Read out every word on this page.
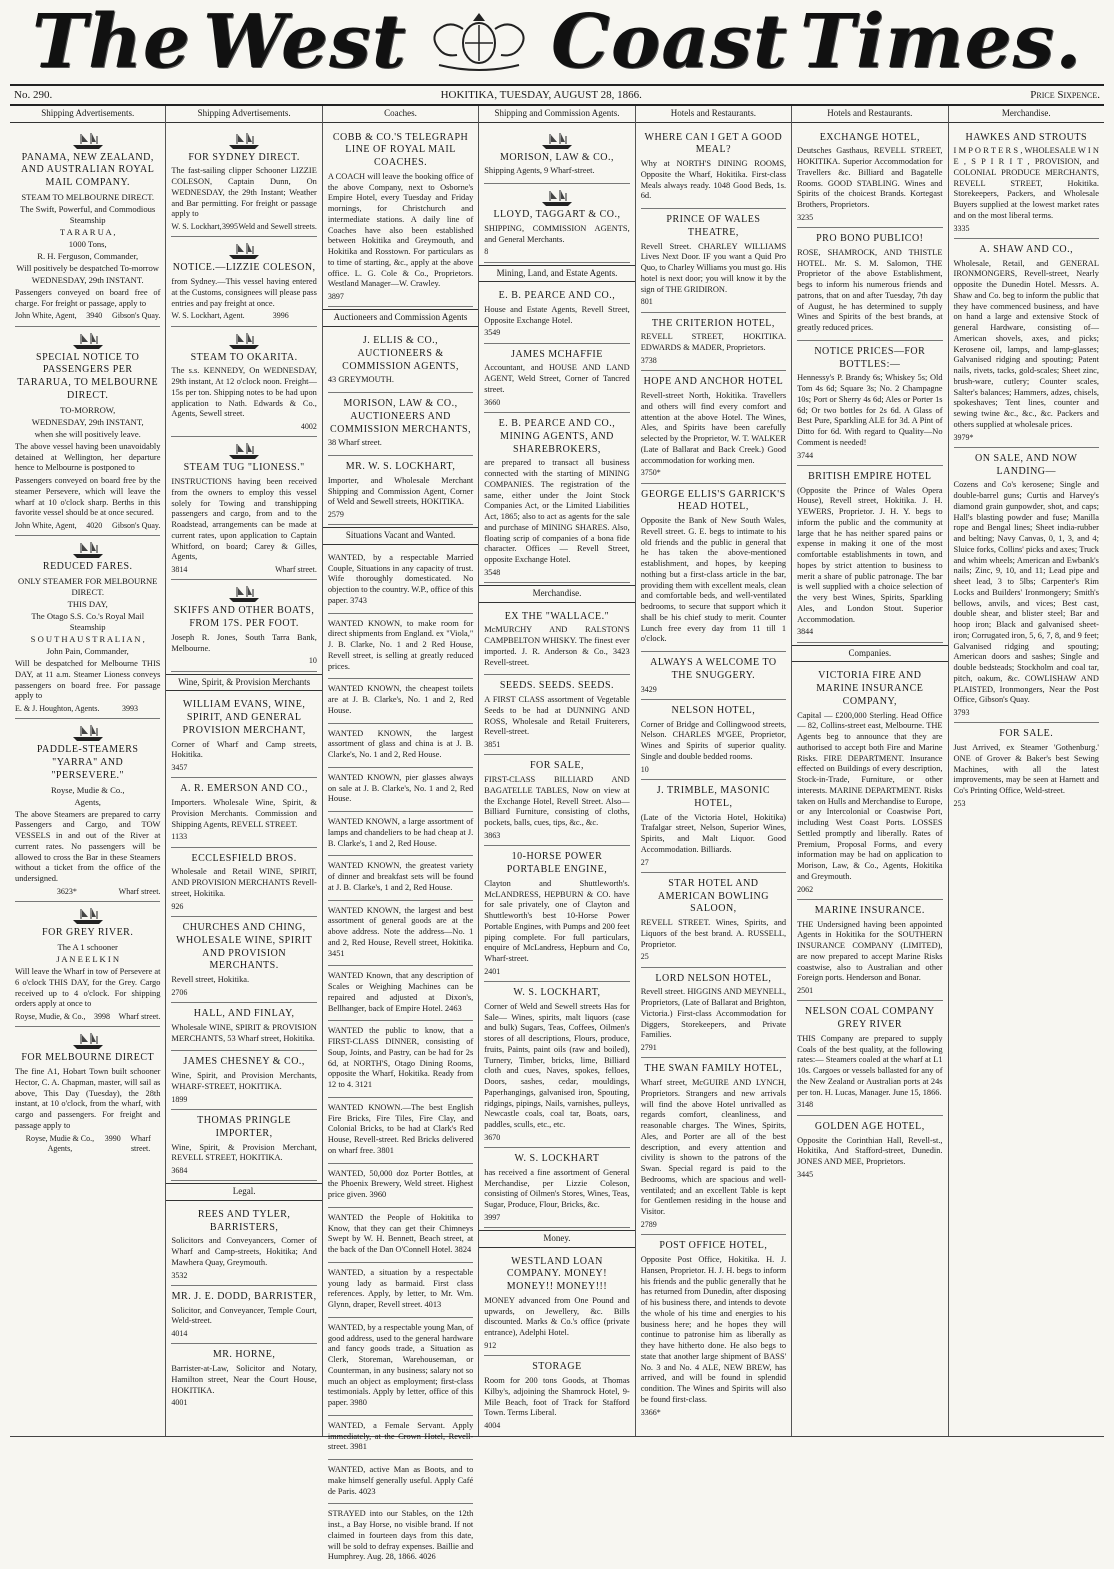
The West Coast Times.
No. 290.	HOKITIKA, TUESDAY, AUGUST 28, 1866.	Price Sixpence.
Shipping Advertisements.
PANAMA, NEW ZEALAND, AND AUSTRALIAN ROYAL MAIL COMPANY.
STEAM TO MELBOURNE DIRECT.
The Swift, Powerful, and Commodious Steamship
T A R A R U A ,
1000 Tons,
R. H. Ferguson, Commander,
Will positively be despatched To-morrow
WEDNESDAY, 29th INSTANT.
Passengers conveyed on board free of charge. For freight or passage, apply to
John White, Agent, 3940 Gibson's Quay.
SPECIAL NOTICE TO PASSENGERS PER TARARUA, TO MELBOURNE DIRECT.
TO-MORROW,
WEDNESDAY, 29th INSTANT,
when she will positively leave.
The above vessel having been unavoidably detained at Wellington, her departure hence to Melbourne is postponed to
Passengers conveyed on board free by the steamer Persevere, which will leave the wharf at 10 o'clock sharp. Berths in this favorite vessel should be at once secured.
John White, Agent, 4020 Gibson's Quay.
REDUCED FARES.
ONLY STEAMER FOR MELBOURNE DIRECT.
THIS DAY,
The Otago S.S. Co.'s Royal Mail Steamship
S O U T H A U S T R A L I A N ,
John Pain, Commander,
Will be despatched for Melbourne THIS DAY, at 11 a.m. Steamer Lioness conveys passengers on board free. For passage apply to
E. & J. Houghton, Agents.	3993
PADDLE-STEAMERS "YARRA" AND "PERSEVERE."
Royse, Mudie & Co.,
Agents,
The above Steamers are prepared to carry Passengers and Cargo, and TOW VESSELS in and out of the River at current rates. No passengers will be allowed to cross the Bar in these Steamers without a ticket from the office of the undersigned.
3623*	Wharf street.
FOR GREY RIVER.
The A 1 schooner
J A N E E L K I N
Will leave the Wharf in tow of Persevere at 6 o'clock THIS DAY, for the Grey. Cargo received up to 4 o'clock. For shipping orders apply at once to
Royse, Mudie, & Co., 3998 Wharf street.
FOR MELBOURNE DIRECT
The fine A1, Hobart Town built schooner Hector, C. A. Chapman, master, will sail as above, This Day (Tuesday), the 28th instant, at 10 o'clock, from the wharf, with cargo and passengers. For freight and passage apply to
Royse, Mudie & Co., Agents,
3990	Wharf street.
Shipping Advertisements.
FOR SYDNEY DIRECT.
The fast-sailing clipper Schooner LIZZIE COLESON, Captain Dunn, On WEDNESDAY, the 29th Instant; Weather and Bar permitting. For freight or passage apply to
W. S. Lockhart, 3995 Weld and Sewell streets.
NOTICE.—LIZZIE COLESON,
from Sydney.—This vessel having entered at the Customs, consignees will please pass entries and pay freight at once.
W. S. Lockhart, Agent.	3996
STEAM TO OKARITA.
The s.s. KENNEDY, On WEDNESDAY, 29th instant, At 12 o'clock noon. Freight—15s per ton. Shipping notes to be had upon application to Nath. Edwards & Co., Agents, Sewell street.
4002
STEAM TUG "LIONESS."
INSTRUCTIONS having been received from the owners to employ this vessel solely for Towing and transhipping passengers and cargo, from and to the Roadstead, arrangements can be made at current rates, upon application to Captain Whitford, on board; Carey & Gilles, Agents,
3814	Wharf street.
SKIFFS AND OTHER BOATS, FROM 17S. PER FOOT.
Joseph R. Jones, South Tarra Bank, Melbourne.
10
Wine, Spirit, & Provision Merchants
WILLIAM EVANS, WINE, SPIRIT, AND GENERAL PROVISION MERCHANT,
Corner of Wharf and Camp streets, Hokitika.
3457
A. R. EMERSON AND CO.,
Importers. Wholesale Wine, Spirit, & Provision Merchants. Commission and Shipping Agents, REVELL STREET.
1133
ECCLESFIELD BROS.
Wholesale and Retail WINE, SPIRIT, AND PROVISION MERCHANTS Revell-street, Hokitika.
926
CHURCHES AND CHING, WHOLESALE WINE, SPIRIT AND PROVISION MERCHANTS.
Revell street, Hokitika.
2706
HALL, AND FINLAY,
Wholesale WINE, SPIRIT & PROVISION MERCHANTS, 53 Wharf street, Hokitika.
JAMES CHESNEY & CO.,
Wine, Spirit, and Provision Merchants, WHARF-STREET, HOKITIKA.
1899
THOMAS PRINGLE IMPORTER,
Wine, Spirit, & Provision Merchant, REVELL STREET, HOKITIKA.
3684
Legal.
REES AND TYLER, BARRISTERS,
Solicitors and Conveyancers, Corner of Wharf and Camp-streets, Hokitika; And Mawhera Quay, Greymouth.
3532
MR. J. E. DODD, BARRISTER,
Solicitor, and Conveyancer, Temple Court, Weld-street.
4014
MR. HORNE,
Barrister-at-Law, Solicitor and Notary, Hamilton street, Near the Court House, HOKITIKA.
4001
Coaches.
COBB & CO.'S TELEGRAPH LINE OF ROYAL MAIL COACHES.
A COACH will leave the booking office of the above Company, next to Osborne's Empire Hotel, every Tuesday and Friday mornings, for Christchurch and intermediate stations. A daily line of Coaches have also been established between Hokitika and Greymouth, and Hokitika and Rosstown. For particulars as to time of starting, &c., apply at the above office. L. G. Cole & Co., Proprietors. Westland Manager—W. Crawley.
3897
Auctioneers and Commission Agents
J. ELLIS & CO., AUCTIONEERS & COMMISSION AGENTS,
43 GREYMOUTH.
MORISON, LAW & CO., AUCTIONEERS AND COMMISSION MERCHANTS,
38 Wharf street.
MR. W. S. LOCKHART,
Importer, and Wholesale Merchant Shipping and Commission Agent, Corner of Weld and Sewell streets, HOKITIKA.
2579
Situations Vacant and Wanted.
WANTED, by a respectable Married Couple, Situations in any capacity of trust. Wife thoroughly domesticated. No objection to the country. W.P., office of this paper. 3743
WANTED KNOWN, to make room for direct shipments from England. ex "Viola," J. B. Clarke, No. 1 and 2 Red House, Revell street, is selling at greatly reduced prices.
WANTED KNOWN, the cheapest toilets are at J. B. Clarke's, No. 1 and 2, Red House.
WANTED KNOWN, the largest assortment of glass and china is at J. B. Clarke's, No. 1 and 2, Red House.
WANTED KNOWN, pier glasses always on sale at J. B. Clarke's, No. 1 and 2, Red House.
WANTED KNOWN, a large assortment of lamps and chandeliers to be had cheap at J. B. Clarke's, 1 and 2, Red House.
WANTED KNOWN, the greatest variety of dinner and breakfast sets will be found at J. B. Clarke's, 1 and 2, Red House.
WANTED KNOWN, the largest and best assortment of general goods are at the above address. Note the address—No. 1 and 2, Red House, Revell street, Hokitika. 3451
WANTED Known, that any description of Scales or Weighing Machines can be repaired and adjusted at Dixon's, Bellhanger, back of Empire Hotel. 2463
WANTED the public to know, that a FIRST-CLASS DINNER, consisting of Soup, Joints, and Pastry, can be had for 2s 6d, at NORTH'S, Otago Dining Rooms, opposite the Wharf, Hokitika. Ready from 12 to 4. 3121
WANTED KNOWN.—The best English Fire Bricks, Fire Tiles, Fire Clay, and Colonial Bricks, to be had at Clark's Red House, Revell-street. Red Bricks delivered on wharf free. 3801
WANTED, 50,000 doz Porter Bottles, at the Phoenix Brewery, Weld street. Highest price given. 3960
WANTED the People of Hokitika to Know, that they can get their Chimneys Swept by W. H. Bennett, Beach street, at the back of the Dan O'Connell Hotel. 3824
WANTED, a situation by a respectable young lady as barmaid. First class references. Apply, by letter, to Mr. Wm. Glynn, draper, Revell street. 4013
WANTED, by a respectable young Man, of good address, used to the general hardware and fancy goods trade, a Situation as Clerk, Storeman, Warehouseman, or Counterman, in any business; salary not so much an object as employment; first-class testimonials. Apply by letter, office of this paper. 3980
WANTED, a Female Servant. Apply immediately, at the Crown Hotel, Revell-street. 3981
WANTED, active Man as Boots, and to make himself generally useful. Apply Café de Paris. 4023
STRAYED into our Stables, on the 12th inst., a Bay Horse, no visible brand. If not claimed in fourteen days from this date, will be sold to defray expenses. Baillie and Humphrey. Aug. 28, 1866. 4026
Shipping and Commission Agents.
MORISON, LAW & CO.,
Shipping Agents, 9 Wharf-street.
LLOYD, TAGGART & CO.,
SHIPPING, COMMISSION AGENTS, and General Merchants.
8
Mining, Land, and Estate Agents.
E. B. PEARCE AND CO.,
House and Estate Agents, Revell Street, Opposite Exchange Hotel.
3549
JAMES MCHAFFIE
Accountant, and HOUSE AND LAND AGENT, Weld Street, Corner of Tancred street.
3660
E. B. PEARCE AND CO., MINING AGENTS, AND SHAREBROKERS,
are prepared to transact all business connected with the starting of MINING COMPANIES. The registration of the same, either under the Joint Stock Companies Act, or the Limited Liabilities Act, 1865; also to act as agents for the sale and purchase of MINING SHARES. Also, floating scrip of companies of a bona fide character. Offices — Revell Street, opposite Exchange Hotel.
3548
Merchandise.
EX THE "WALLACE."
McMURCHY AND RALSTON'S CAMPBELTON WHISKY. The finest ever imported. J. R. Anderson & Co., 3423 Revell-street.
SEEDS. SEEDS. SEEDS.
A FIRST CLASS assortment of Vegetable Seeds to be had at DUNNING AND ROSS, Wholesale and Retail Fruiterers, Revell-street.
3851
FOR SALE,
FIRST-CLASS BILLIARD AND BAGATELLE TABLES, Now on view at the Exchange Hotel, Revell Street. Also— Billiard Furniture, consisting of cloths, pockets, balls, cues, tips, &c., &c.
3863
10-HORSE POWER PORTABLE ENGINE,
Clayton and Shuttleworth's. McLANDRESS, HEPBURN & CO. have for sale privately, one of Clayton and Shuttleworth's best 10-Horse Power Portable Engines, with Pumps and 200 feet piping complete. For full particulars, enquire of McLandress, Hepburn and Co, Wharf-street.
2401
W. S. LOCKHART,
Corner of Weld and Sewell streets Has for Sale— Wines, spirits, malt liquors (case and bulk) Sugars, Teas, Coffees, Oilmen's stores of all descriptions, Flours, produce, fruits, Paints, paint oils (raw and boiled), Turnery, Timber, bricks, lime, Billiard cloth and cues, Naves, spokes, felloes, Doors, sashes, cedar, mouldings, Paperhangings, galvanised iron, Spouting, ridgings, pipings, Nails, varnishes, pulleys, Newcastle coals, coal tar, Boats, oars, paddles, sculls, etc., etc.
3670
W. S. LOCKHART
has received a fine assortment of General Merchandise, per Lizzie Coleson, consisting of Oilmen's Stores, Wines, Teas, Sugar, Produce, Flour, Bricks, &c.
3997
Money.
WESTLAND LOAN COMPANY. MONEY! MONEY!! MONEY!!!
MONEY advanced from One Pound and upwards, on Jewellery, &c. Bills discounted. Marks & Co.'s office (private entrance), Adelphi Hotel.
912
STORAGE
Room for 200 tons Goods, at Thomas Kilby's, adjoining the Shamrock Hotel, 9-Mile Beach, foot of Track for Stafford Town. Terms Liberal.
4004
Hotels and Restaurants.
WHERE CAN I GET A GOOD MEAL?
Why at NORTH'S DINING ROOMS, Opposite the Wharf, Hokitika. First-class Meals always ready. 1048 Good Beds, 1s. 6d.
PRINCE OF WALES THEATRE,
Revell Street. CHARLEY WILLIAMS Lives Next Door. IF you want a Quid Pro Quo, to Charley Williams you must go. His hotel is next door; you will know it by the sign of THE GRIDIRON.
801
THE CRITERION HOTEL,
REVELL STREET, HOKITIKA. EDWARDS & MADER, Proprietors.
3738
HOPE AND ANCHOR HOTEL
Revell-street North, Hokitika. Travellers and others will find every comfort and attention at the above Hotel. The Wines, Ales, and Spirits have been carefully selected by the Proprietor, W. T. WALKER (Late of Ballarat and Back Creek.) Good accommodation for working men.
3750*
GEORGE ELLIS'S GARRICK'S HEAD HOTEL,
Opposite the Bank of New South Wales, Revell street. G. E. begs to intimate to his old friends and the public in general that he has taken the above-mentioned establishment, and hopes, by keeping nothing but a first-class article in the bar, providing them with excellent meals, clean and comfortable beds, and well-ventilated bedrooms, to secure that support which it shall be his chief study to merit. Counter Lunch free every day from 11 till 1 o'clock.
ALWAYS A WELCOME TO THE SNUGGERY.
3429
NELSON HOTEL,
Corner of Bridge and Collingwood streets, Nelson. CHARLES M'GEE, Proprietor, Wines and Spirits of superior quality. Single and double bedded rooms.
10
J. TRIMBLE, MASONIC HOTEL,
(Late of the Victoria Hotel, Hokitika) Trafalgar street, Nelson, Superior Wines, Spirits, and Malt Liquor. Good Accommodation. Billiards.
27
STAR HOTEL AND AMERICAN BOWLING SALOON,
REVELL STREET. Wines, Spirits, and Liquors of the best brand. A. RUSSELL, Proprietor.
25
LORD NELSON HOTEL,
Revell street. HIGGINS AND MEYNELL, Proprietors, (Late of Ballarat and Brighton, Victoria.) First-class Accommodation for Diggers, Storekeepers, and Private Families.
2791
THE SWAN FAMILY HOTEL,
Wharf street, McGUIRE AND LYNCH, Proprietors. Strangers and new arrivals will find the above Hotel unrivalled as regards comfort, cleanliness, and reasonable charges. The Wines, Spirits, Ales, and Porter are all of the best description, and every attention and civility is shown to the patrons of the Swan. Special regard is paid to the Bedrooms, which are spacious and well-ventilated; and an excellent Table is kept for Gentlemen residing in the house and Visitor.
2789
POST OFFICE HOTEL,
Opposite Post Office, Hokitika. H. J. Hansen, Proprietor. H. J. H. begs to inform his friends and the public generally that he has returned from Dunedin, after disposing of his business there, and intends to devote the whole of his time and energies to his business here; and he hopes they will continue to patronise him as liberally as they have hitherto done. He also begs to state that another large shipment of BASS' No. 3 and No. 4 ALE, NEW BREW, has arrived, and will be found in splendid condition. The Wines and Spirits will also be found first-class.
3366*
Hotels and Restaurants.
EXCHANGE HOTEL,
Deutsches Gasthaus, REVELL STREET, HOKITIKA. Superior Accommodation for Travellers &c. Billiard and Bagatelle Rooms. GOOD STABLING. Wines and Spirits of the choicest Brands. Kortegast Brothers, Proprietors.
3235
PRO BONO PUBLICO!
ROSE, SHAMROCK, AND THISTLE HOTEL. Mr. S. M. Salomon, THE Proprietor of the above Establishment, begs to inform his numerous friends and patrons, that on and after Tuesday, 7th day of August, he has determined to supply Wines and Spirits of the best brands, at greatly reduced prices.
NOTICE PRICES—FOR BOTTLES:—
Hennessy's P. Brandy 6s; Whiskey 5s; Old Tom 4s 6d; Square 3s; No. 2 Champagne 10s; Port or Sherry 4s 6d; Ales or Porter 1s 6d; Or two bottles for 2s 6d. A Glass of Best Pure, Sparkling ALE for 3d. A Pint of Ditto for 6d. With regard to Quality—No Comment is needed!
3744
BRITISH EMPIRE HOTEL
(Opposite the Prince of Wales Opera House), Revell street, Hokitika. J. H. YEWERS, Proprietor. J. H. Y. begs to inform the public and the community at large that he has neither spared pains or expense in making it one of the most comfortable establishments in town, and hopes by strict attention to business to merit a share of public patronage. The bar is well supplied with a choice selection of the very best Wines, Spirits, Sparkling Ales, and London Stout. Superior Accommodation.
3844
Companies.
VICTORIA FIRE AND MARINE INSURANCE COMPANY,
Capital — £200,000 Sterling. Head Office — 82, Collins-street east, Melbourne. THE Agents beg to announce that they are authorised to accept both Fire and Marine Risks. FIRE DEPARTMENT. Insurance effected on Buildings of every description, Stock-in-Trade, Furniture, or other interests. MARINE DEPARTMENT. Risks taken on Hulls and Merchandise to Europe, or any Intercolonial or Coastwise Port, including West Coast Ports. LOSSES Settled promptly and liberally. Rates of Premium, Proposal Forms, and every information may be had on application to Morison, Law, & Co., Agents, Hokitika and Greymouth.
2062
MARINE INSURANCE.
THE Undersigned having been appointed Agents in Hokitika for the SOUTHERN INSURANCE COMPANY (LIMITED), are now prepared to accept Marine Risks coastwise, also to Australian and other Foreign ports. Henderson and Bonar.
2501
NELSON COAL COMPANY GREY RIVER
THIS Company are prepared to supply Coals of the best quality, at the following rates:— Steamers coaled at the wharf at L1 10s. Cargoes or vessels ballasted for any of the New Zealand or Australian ports at 24s per ton. H. Lucas, Manager. June 15, 1866.
3148
GOLDEN AGE HOTEL,
Opposite the Corinthian Hall, Revell-st., Hokitika, And Stafford-street, Dunedin. JONES AND MEE, Proprietors.
3445
Merchandise.
HAWKES AND STROUTS
I M P O R T E R S , WHOLESALE W I N E , S P I R I T , PROVISION, and COLONIAL PRODUCE MERCHANTS, REVELL STREET, Hokitika. Storekeepers, Packers, and Wholesale Buyers supplied at the lowest market rates and on the most liberal terms.
3335
A. SHAW AND CO.,
Wholesale, Retail, and GENERAL IRONMONGERS, Revell-street, Nearly opposite the Dunedin Hotel. Messrs. A. Shaw and Co. beg to inform the public that they have commenced business, and have on hand a large and extensive Stock of general Hardware, consisting of— American shovels, axes, and picks; Kerosene oil, lamps, and lamp-glasses; Galvanised ridging and spouting; Patent nails, rivets, tacks, gold-scales; Sheet zinc, brush-ware, cutlery; Counter scales, Salter's balances; Hammers, adzes, chisels, spokeshaves; Tent lines, counter and sewing twine &c., &c., &c. Packers and others supplied at wholesale prices.
3979*
ON SALE, AND NOW LANDING—
Cozens and Co's kerosene; Single and double-barrel guns; Curtis and Harvey's diamond grain gunpowder, shot, and caps; Hall's blasting powder and fuse; Manilla rope and Bengal lines; Sheet india-rubber and belting; Navy Canvas, 0, 1, 3, and 4; Sluice forks, Collins' picks and axes; Truck and whim wheels; American and Ewbank's nails; Zinc, 9, 10, and 11; Lead pipe and sheet lead, 3 to 5lbs; Carpenter's Rim Locks and Builders' Ironmongery; Smith's bellows, anvils, and vices; Best cast, double shear, and blister steel; Bar and hoop iron; Black and galvanised sheet-iron; Corrugated iron, 5, 6, 7, 8, and 9 feet; Galvanised ridging and spouting; American doors and sashes; Single and double bedsteads; Stockholm and coal tar, pitch, oakum, &c. COWLISHAW AND PLAISTED, Ironmongers, Near the Post Office, Gibson's Quay.
3793
FOR SALE.
Just Arrived, ex Steamer 'Gothenburg.' ONE of Grover & Baker's best Sewing Machines, with all the latest improvements, may be seen at Harnett and Co's Printing Office, Weld-street.
253
